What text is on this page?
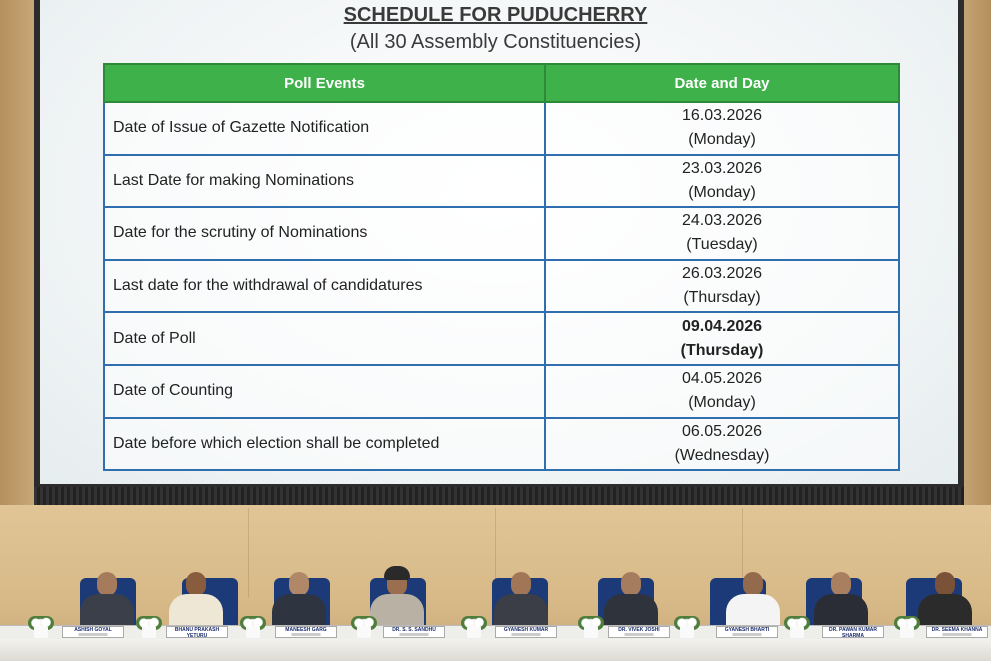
SCHEDULE FOR PUDUCHERRY
(All 30 Assembly Constituencies)
Poll Events	Date and Day
Date of Issue of Gazette Notification	16.03.2026
(Monday)

Last Date for making Nominations	23.03.2026
(Monday)

Date for the scrutiny of Nominations	24.03.2026
(Tuesday)

Last date for the withdrawal of candidatures	26.03.2026
(Thursday)

Date of Poll	09.04.2026
(Thursday)

Date of Counting	04.05.2026
(Monday)

Date before which election shall be completed	06.05.2026
(Wednesday)
ASHISH GOYAL	BHANU PRAKASH YETURU
MANEESH GARG	DR. S. S. SANDHU	GYANESH KUMAR	DR. VIVEK JOSHI	GYANESH BHARTI	DR. PAWAN KUMAR SHARMA
DR. SEEMA KHANNA
